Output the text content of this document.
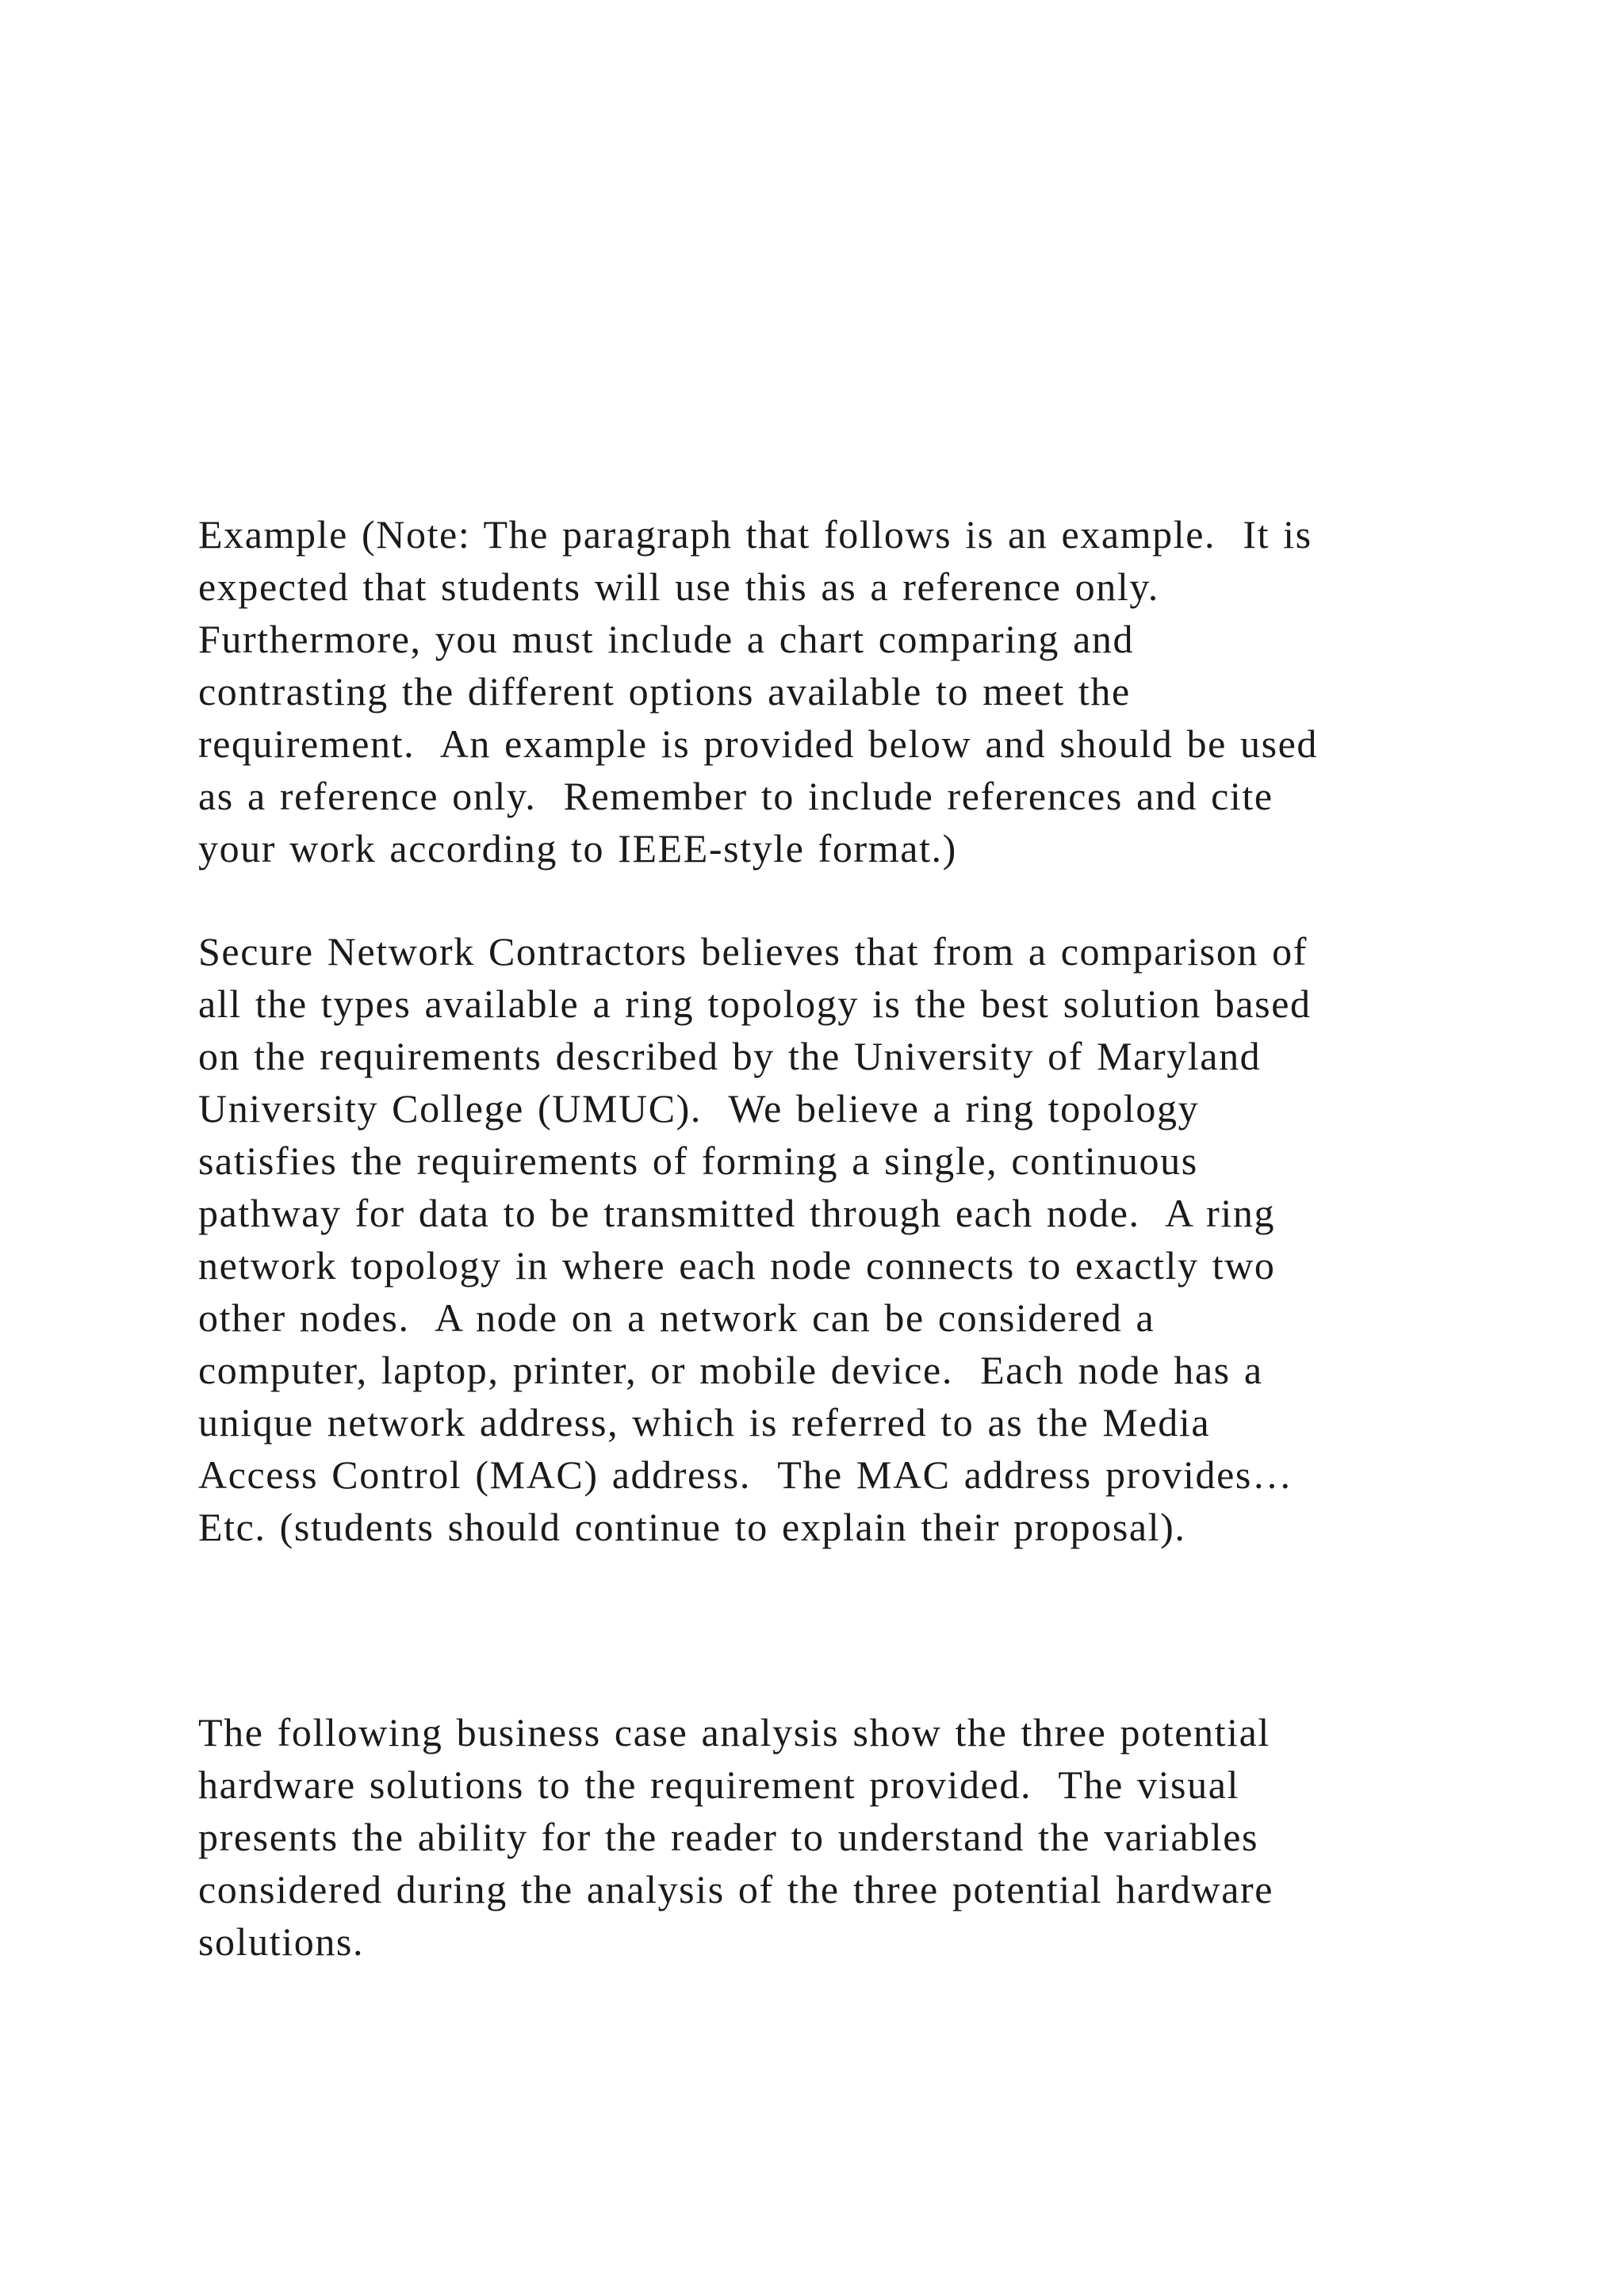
Example (Note: The paragraph that follows is an example.  It is
expected that students will use this as a reference only.
Furthermore, you must include a chart comparing and
contrasting the different options available to meet the
requirement.  An example is provided below and should be used
as a reference only.  Remember to include references and cite
your work according to IEEE-style format.)
Secure Network Contractors believes that from a comparison of
all the types available a ring topology is the best solution based
on the requirements described by the University of Maryland
University College (UMUC).  We believe a ring topology
satisfies the requirements of forming a single, continuous
pathway for data to be transmitted through each node.  A ring
network topology in where each node connects to exactly two
other nodes.  A node on a network can be considered a
computer, laptop, printer, or mobile device.  Each node has a
unique network address, which is referred to as the Media
Access Control (MAC) address.  The MAC address provides…
Etc. (students should continue to explain their proposal).
The following business case analysis show the three potential
hardware solutions to the requirement provided.  The visual
presents the ability for the reader to understand the variables
considered during the analysis of the three potential hardware
solutions.
